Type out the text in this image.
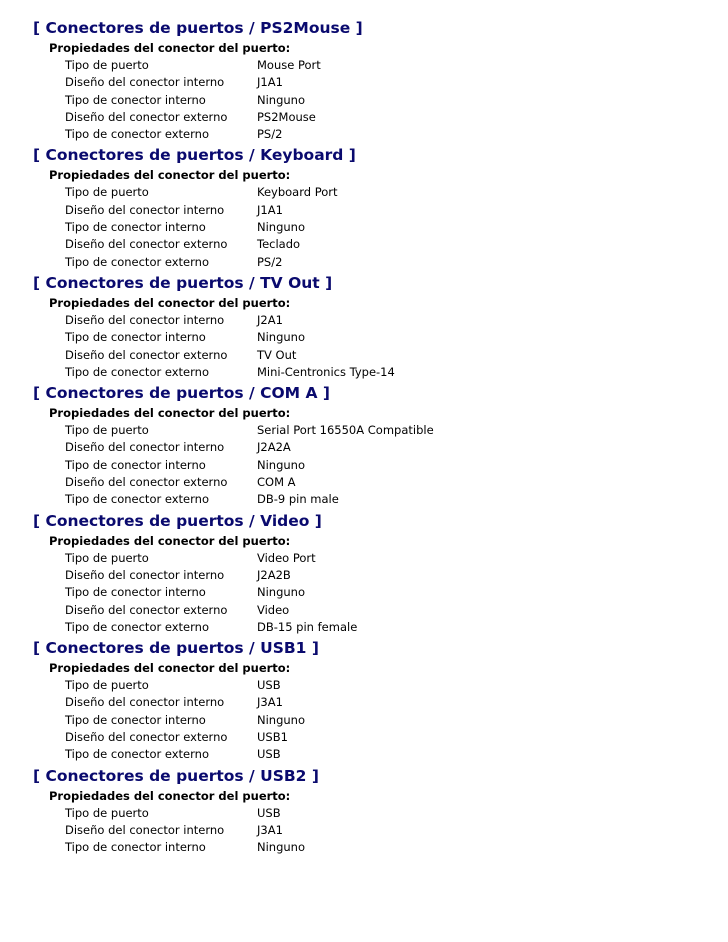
[ Conectores de puertos / PS2Mouse ]
Propiedades del conector del puerto:
Tipo de puerto	Mouse Port
Diseño del conector interno	J1A1
Tipo de conector interno	Ninguno
Diseño del conector externo	PS2Mouse
Tipo de conector externo	PS/2
[ Conectores de puertos / Keyboard ]
Propiedades del conector del puerto:
Tipo de puerto	Keyboard Port
Diseño del conector interno	J1A1
Tipo de conector interno	Ninguno
Diseño del conector externo	Teclado
Tipo de conector externo	PS/2
[ Conectores de puertos / TV Out ]
Propiedades del conector del puerto:
Diseño del conector interno	J2A1
Tipo de conector interno	Ninguno
Diseño del conector externo	TV Out
Tipo de conector externo	Mini-Centronics Type-14
[ Conectores de puertos / COM A ]
Propiedades del conector del puerto:
Tipo de puerto	Serial Port 16550A Compatible
Diseño del conector interno	J2A2A
Tipo de conector interno	Ninguno
Diseño del conector externo	COM A
Tipo de conector externo	DB-9 pin male
[ Conectores de puertos / Video ]
Propiedades del conector del puerto:
Tipo de puerto	Video Port
Diseño del conector interno	J2A2B
Tipo de conector interno	Ninguno
Diseño del conector externo	Video
Tipo de conector externo	DB-15 pin female
[ Conectores de puertos / USB1 ]
Propiedades del conector del puerto:
Tipo de puerto	USB
Diseño del conector interno	J3A1
Tipo de conector interno	Ninguno
Diseño del conector externo	USB1
Tipo de conector externo	USB
[ Conectores de puertos / USB2 ]
Propiedades del conector del puerto:
Tipo de puerto	USB
Diseño del conector interno	J3A1
Tipo de conector interno	Ninguno
